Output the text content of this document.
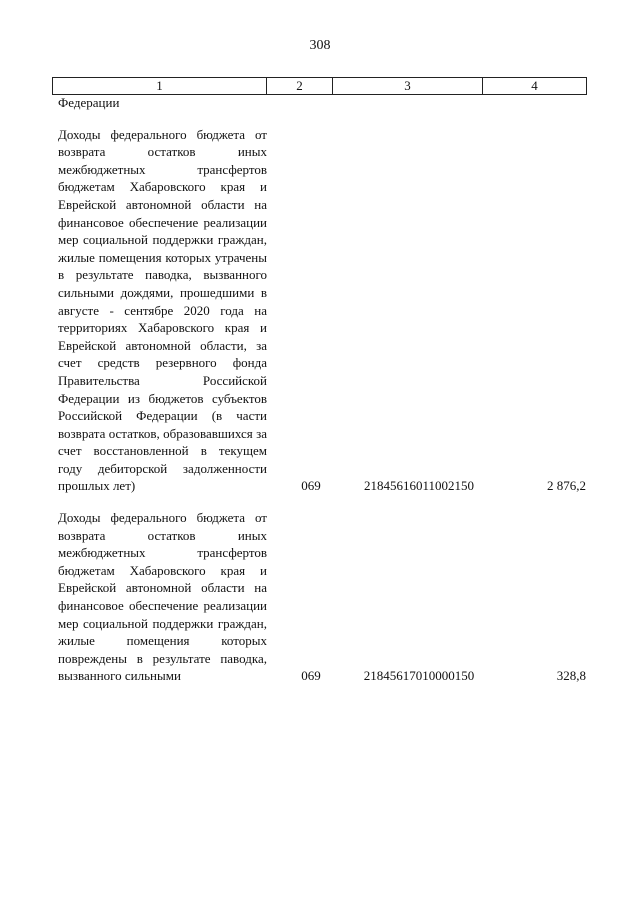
308
1	2	3	4
Федерации
Доходы федерального бюджета от возврата остатков иных межбюджетных трансфертов бюджетам Хабаровского края и Еврейской автономной области на финансовое обеспечение реализации мер социальной поддержки граждан, жилые помещения которых утрачены в результате паводка, вызванного сильными дождями, прошедшими в августе - сентябре 2020 года на территориях Хабаровского края и Еврейской автономной области, за счет средств резервного фонда Правительства Российской Федерации из бюджетов субъектов Российской Федерации (в части возврата остатков, образовавшихся за счет восстановленной в текущем году дебиторской задолженности прошлых лет)	069	21845616011002150	2 876,2
Доходы федерального бюджета от возврата остатков иных межбюджетных трансфертов бюджетам Хабаровского края и Еврейской автономной области на финансовое обеспечение реализации мер социальной поддержки граждан, жилые помещения которых повреждены в результате паводка, вызванного сильными	069	21845617010000150	328,8
